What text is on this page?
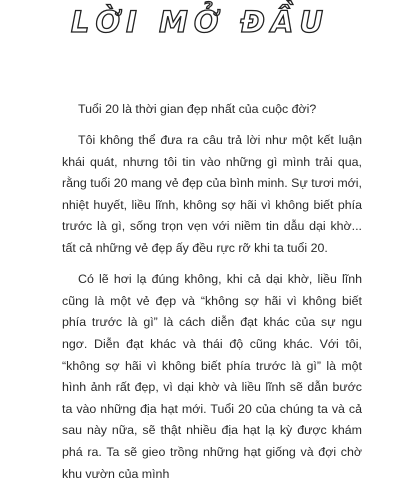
LỜI MỞ ĐẦU

Tuổi 20 là thời gian đẹp nhất của cuộc đời?

Tôi không thể đưa ra câu trả lời như một kết luận khái quát, nhưng tôi tin vào những gì mình trải qua, rằng tuổi 20 mang vẻ đẹp của bình minh. Sự tươi mới, nhiệt huyết, liều lĩnh, không sợ hãi vì không biết phía trước là gì, sống trọn vẹn với niềm tin dẫu dại khờ... tất cả những vẻ đẹp ấy đều rực rỡ khi ta tuổi 20.

Có lẽ hơi lạ đúng không, khi cả dại khờ, liều lĩnh cũng là một vẻ đẹp và “không sợ hãi vì không biết phía trước là gì” là cách diễn đạt khác của sự ngu ngơ. Diễn đạt khác và thái độ cũng khác. Với tôi, “không sợ hãi vì không biết phía trước là gì” là một hình ảnh rất đẹp, vì dại khờ và liều lĩnh sẽ dẫn bước ta vào những địa hạt mới. Tuổi 20 của chúng ta và cả sau này nữa, sẽ thật nhiều địa hạt lạ kỳ được khám phá ra. Ta sẽ gieo trồng những hạt giống và đợi chờ khu vườn của mình
